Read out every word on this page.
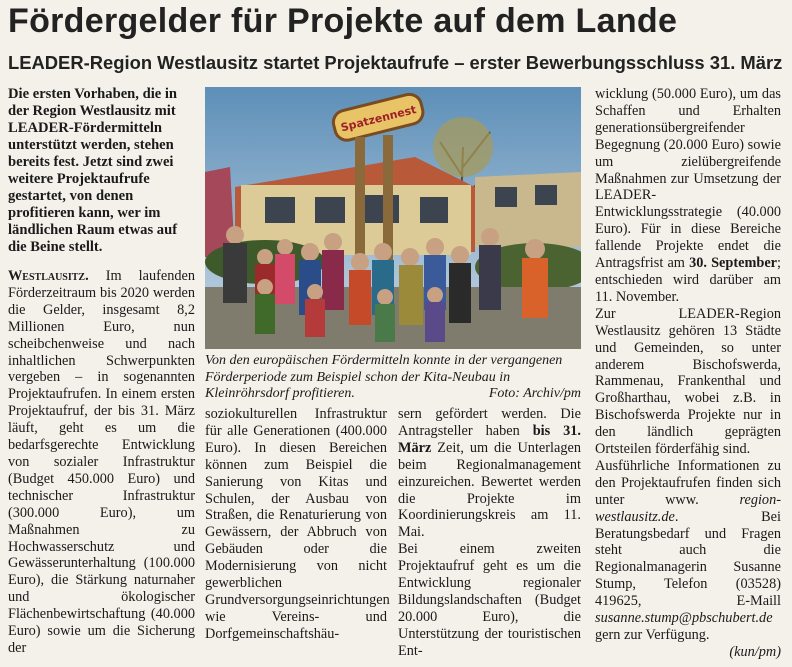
Fördergelder für Projekte auf dem Lande
LEADER-Region Westlausitz startet Projektaufrufe – erster Bewerbungsschluss 31. März
Die ersten Vorhaben, die in der Region Westlausitz mit LEADER-Fördermitteln unterstützt werden, stehen bereits fest. Jetzt sind zwei weitere Projektaufrufe gestartet, von denen profitieren kann, wer im ländlichen Raum etwas auf die Beine stellt.

Westlausitz. Im laufenden Förderzeitraum bis 2020 werden die Gelder, insgesamt 8,2 Millionen Euro, nun scheibchenweise und nach inhaltlichen Schwerpunkten vergeben – in sogenannten Projektaufrufen. In einem ersten Projektaufruf, der bis 31. März läuft, geht es um die bedarfsgerechte Entwicklung von sozialer Infrastruktur (Budget 450.000 Euro) und technischer Infrastruktur (300.000 Euro), um Maßnahmen zu Hochwasserschutz und Gewässerunterhaltung (100.000 Euro), die Stärkung naturnaher und ökologischer Flächenbewirtschaftung (40.000 Euro) sowie um die Sicherung der

Spatzennest
Von den europäischen Fördermitteln konnte in der vergangenen Förderperiode zum Beispiel schon der Kita-Neubau in Kleinröhrsdorf profitieren.	Foto: Archiv/pm

soziokulturellen Infrastruktur für alle Generationen (400.000 Euro). In diesen Bereichen können zum Beispiel die Sanierung von Kitas und Schulen, der Ausbau von Straßen, die Renaturierung von Gewässern, der Abbruch von Gebäuden oder die Modernisierung von nicht gewerblichen Grundversorgungseinrichtungen wie Vereins- und Dorfgemeinschaftshäu-

sern gefördert werden. Die Antragsteller haben bis 31. März Zeit, um die Unterlagen beim Regionalmanagement einzureichen. Bewertet werden die Projekte im Koordinierungskreis am 11. Mai.

Bei einem zweiten Projektaufruf geht es um die Entwicklung regionaler Bildungslandschaften (Budget 20.000 Euro), die Unterstützung der touristischen Ent-

wicklung (50.000 Euro), um das Schaffen und Erhalten generationsübergreifender Begegnung (20.000 Euro) sowie um zielübergreifende Maßnahmen zur Umsetzung der LEADER-Entwicklungsstrategie (40.000 Euro). Für in diese Bereiche fallende Projekte endet die Antragsfrist am 30. September; entschieden wird darüber am 11. November.

Zur LEADER-Region Westlausitz gehören 13 Städte und Gemeinden, so unter anderem Bischofswerda, Rammenau, Frankenthal und Großharthau, wobei z.B. in Bischofswerda Projekte nur in den ländlich geprägten Ortsteilen förderfähig sind.

Ausführliche Informationen zu den Projektaufrufen finden sich unter www. region-westlausitz.de. Bei Beratungsbedarf und Fragen steht auch die Regionalmanagerin Susanne Stump, Telefon (03528) 419625, E-Maill susanne.stump@pbschubert.de gern zur Verfügung.

(kun/pm)
